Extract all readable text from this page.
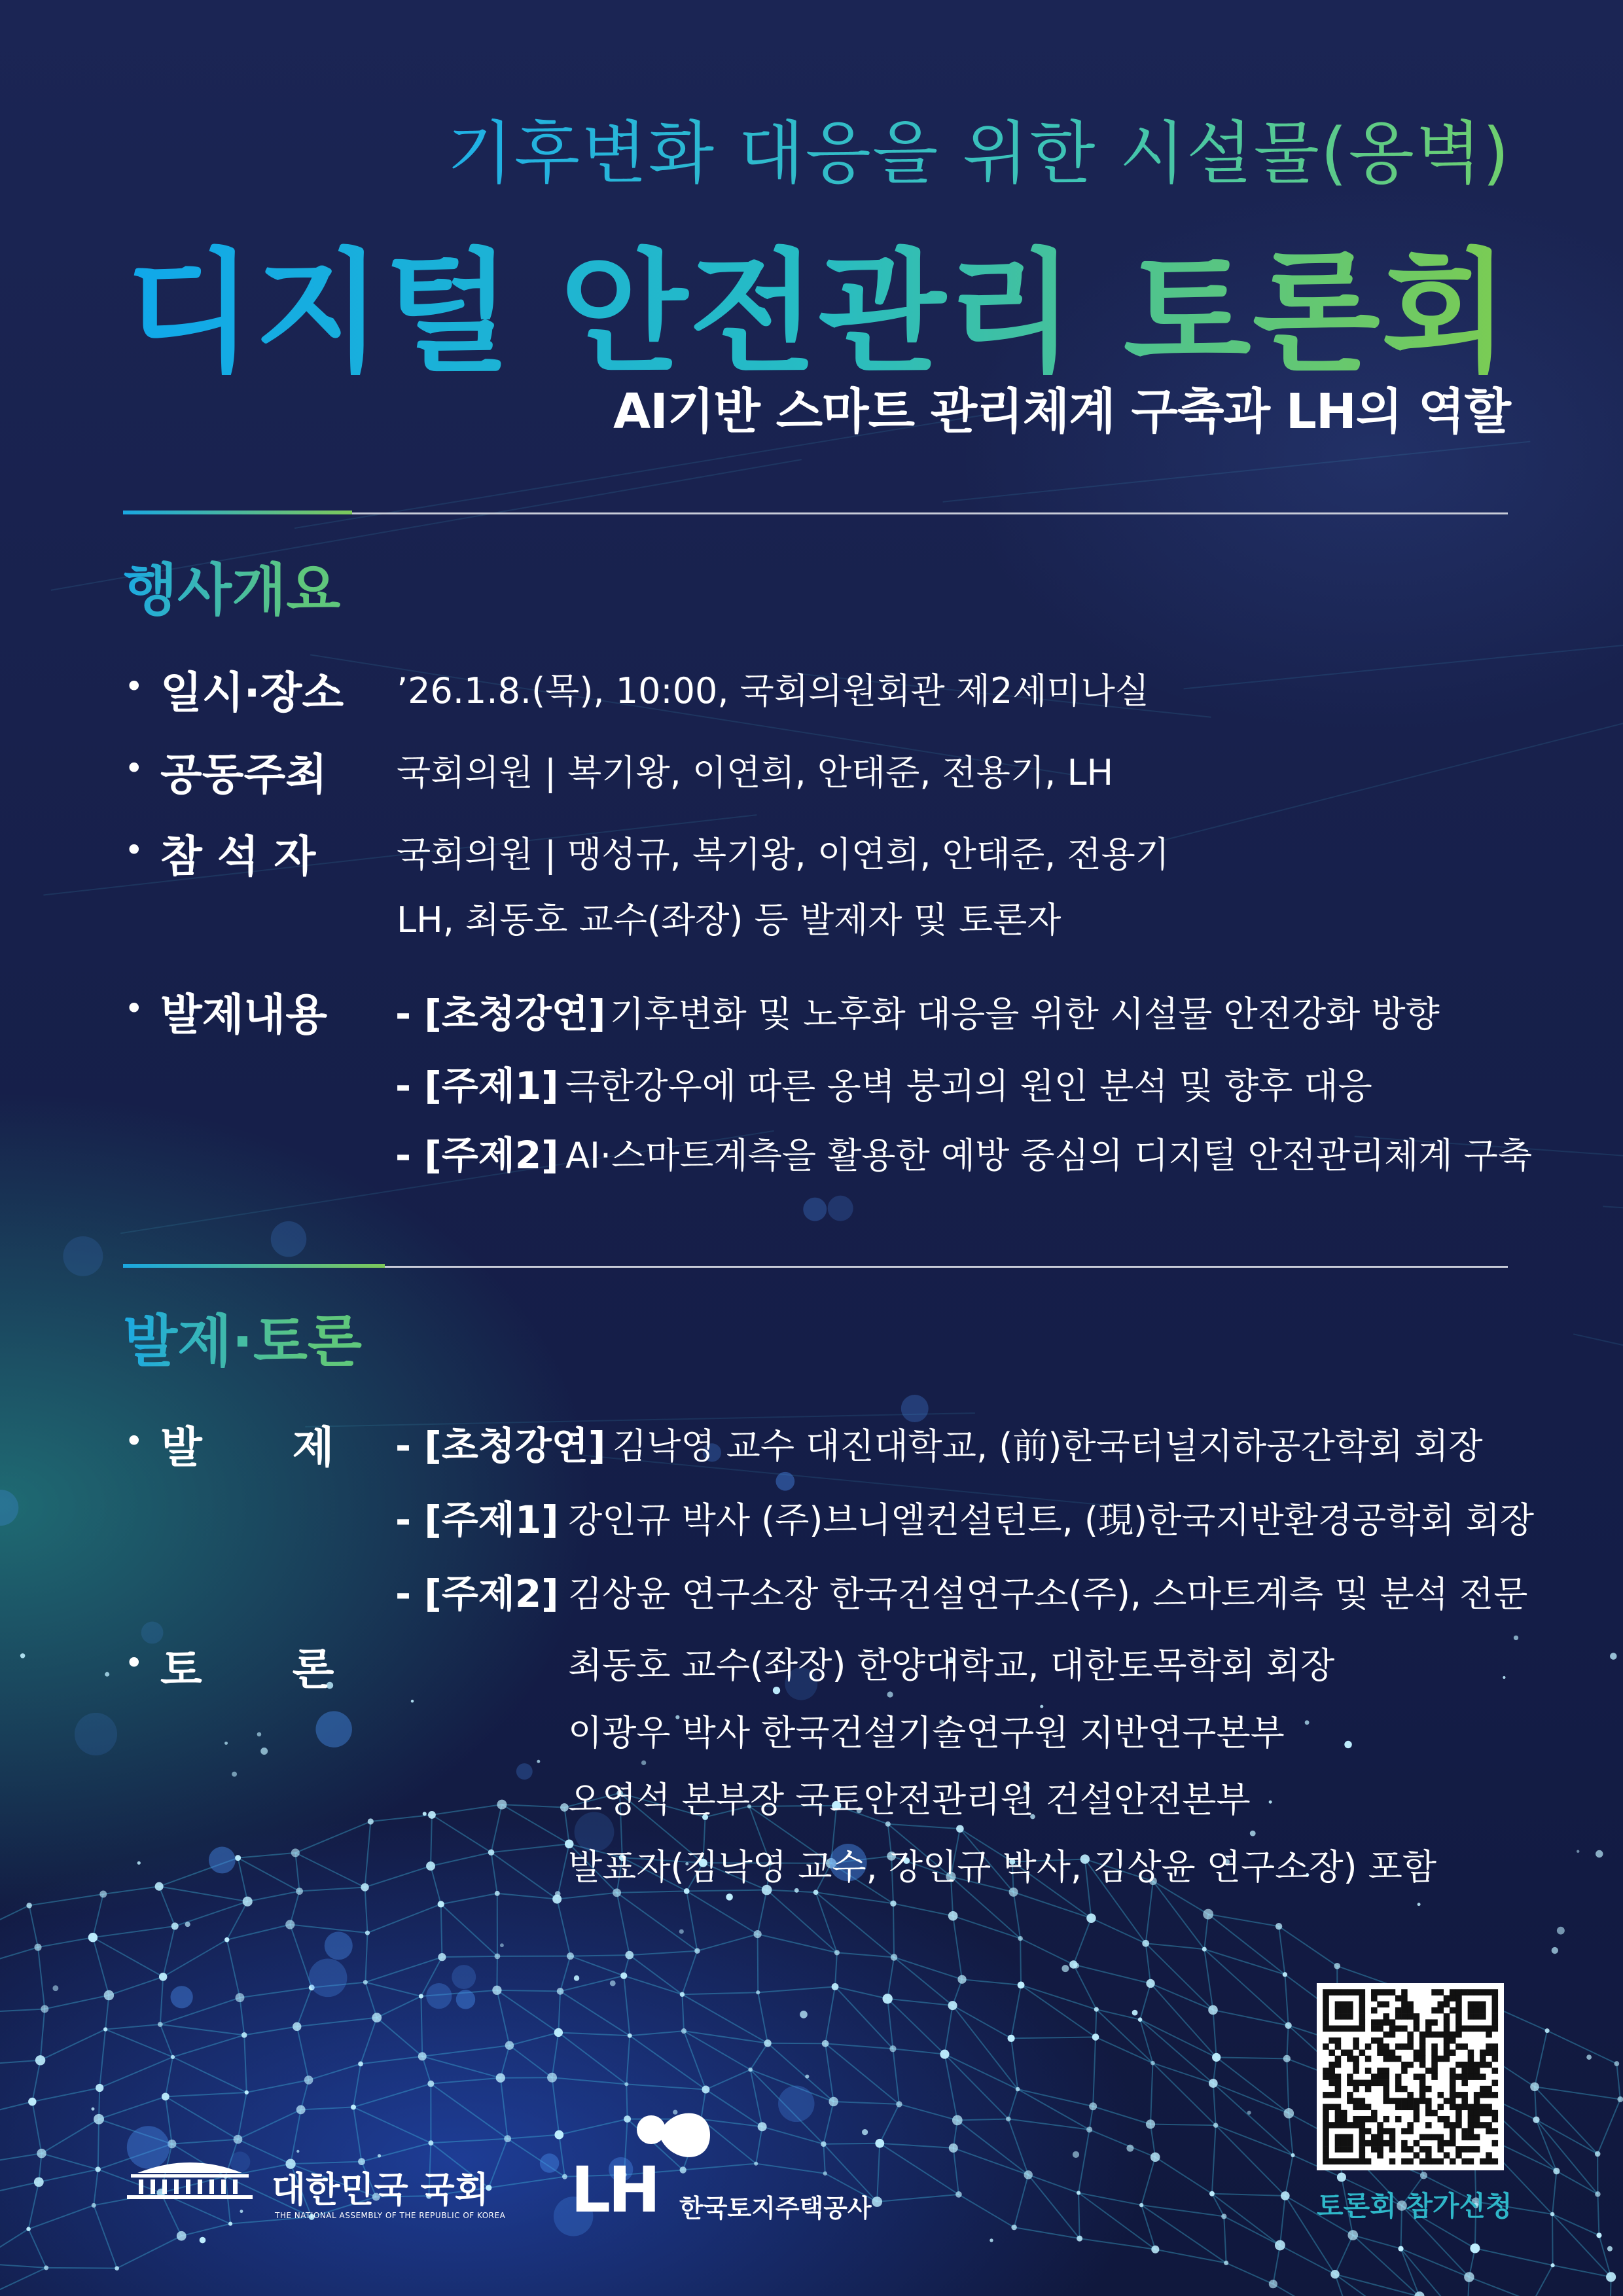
기후변화 대응을 위한 시설물(옹벽)
디지털 안전관리 토론회
AI기반 스마트 관리체계 구축과 LH의 역할
행사개요
• 일시·장소 ’26.1.8.(목), 10:00, 국회의원회관 제2세미나실
• 공동주최 국회의원 | 복기왕, 이연희, 안태준, 전용기, LH
• 참 석 자 국회의원 | 맹성규, 복기왕, 이연희, 안태준, 전용기
LH, 최동호 교수(좌장) 등 발제자 및 토론자
• 발제내용 - [초청강연] 기후변화 및 노후화 대응을 위한 시설물 안전강화 방향
- [주제1] 극한강우에 따른 옹벽 붕괴의 원인 분석 및 향후 대응
- [주제2] AI·스마트계측을 활용한 예방 중심의 디지털 안전관리체계 구축
발제·토론
• 발      제 - [초청강연] 김낙영 교수 대진대학교, (前)한국터널지하공간학회 회장
- [주제1] 강인규 박사 (주)브니엘컨설턴트, (現)한국지반환경공학회 회장
- [주제2] 김상윤 연구소장 한국건설연구소(주), 스마트계측 및 분석 전문
• 토      론	최동호 교수(좌장) 한양대학교, 대한토목학회 회장
이광우 박사 한국건설기술연구원 지반연구본부
오영석 본부장 국토안전관리원 건설안전본부
발표자(김낙영 교수, 강인규 박사, 김상윤 연구소장) 포함
대한민국 국회
THE NATIONAL ASSEMBLY OF THE REPUBLIC OF KOREA LH 한국토지주택공사	토론회 참가신청
